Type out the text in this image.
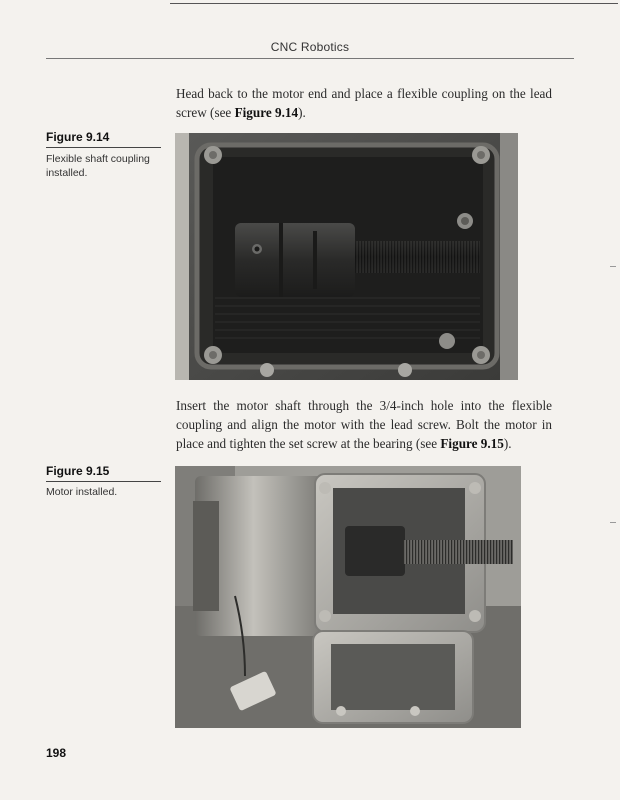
CNC Robotics

Head back to the motor end and place a flexible coupling on the lead screw (see Figure 9.14).

Figure 9.14
Flexible shaft coupling installed.

Insert the motor shaft through the 3/4-inch hole into the flexible coupling and align the motor with the lead screw. Bolt the motor in place and tighten the set screw at the bearing (see Figure 9.15).

Figure 9.15
Motor installed.
198
